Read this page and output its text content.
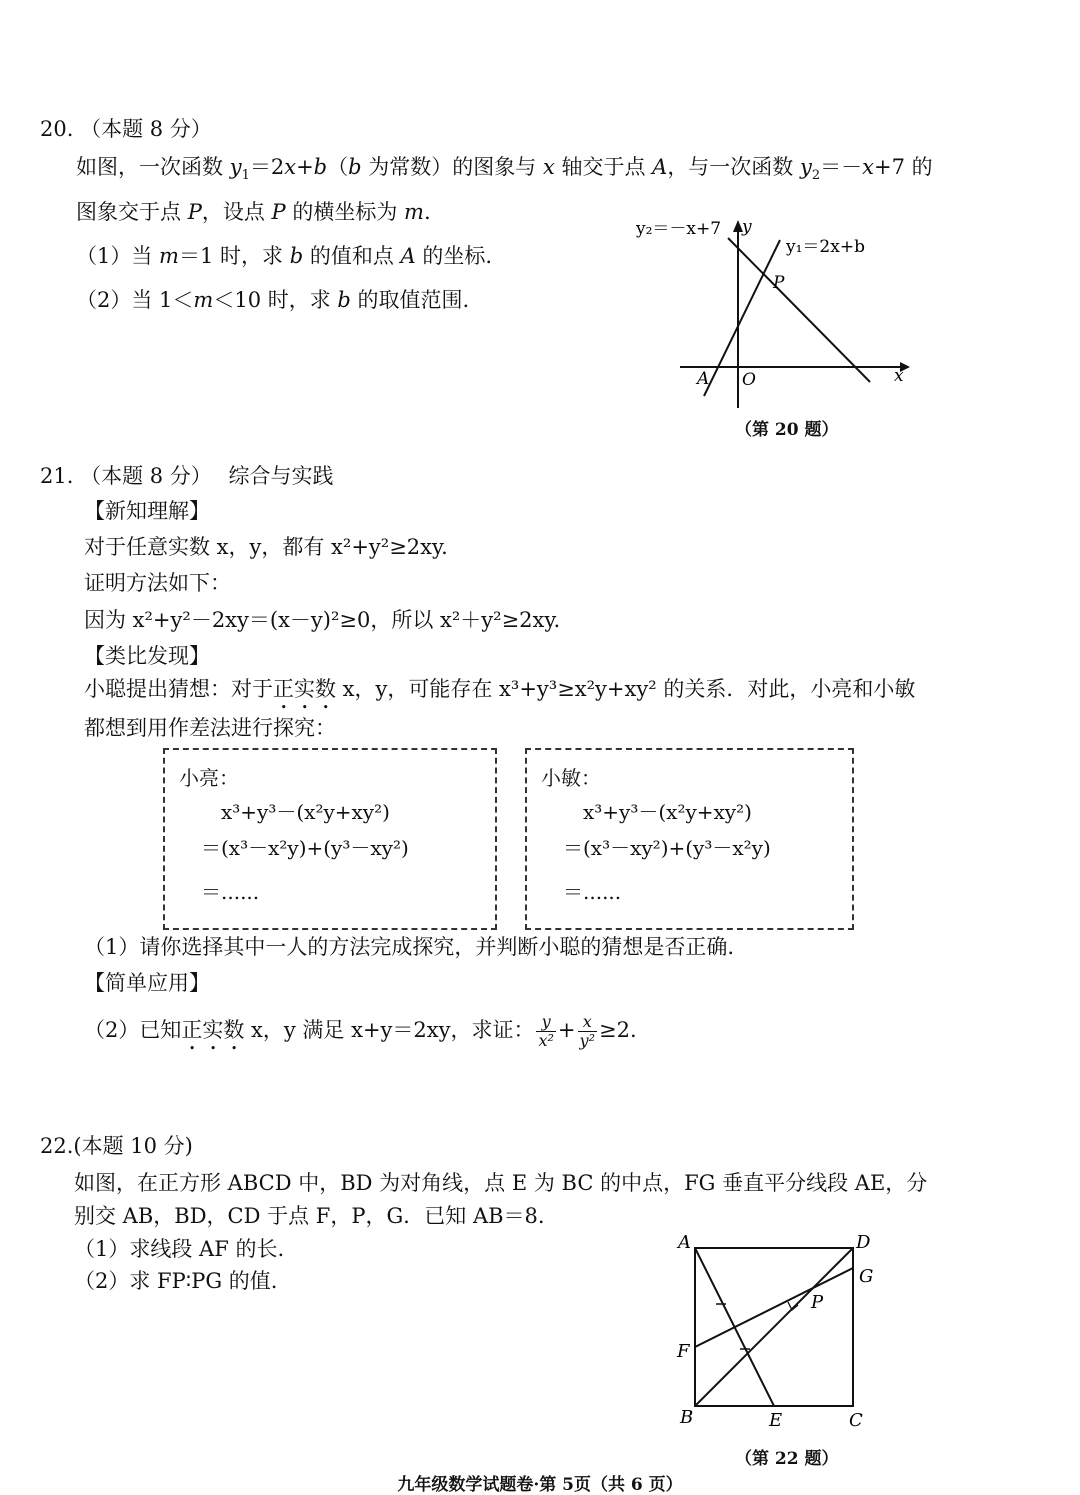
20. （本题 8 分）
如图，一次函数 $y_1=2x+b(b$ 为常数）的图象与 x 轴交于点 A，与一次函数 $y_2=-x+7$ 的
图象交于点 P，设点 P 的横坐标为 m.
（1）当 m＝1 时，求 b 的值和点 A 的坐标.
（2）当 1＜m＜10 时，求 b 的取值范围.
y₂＝－x+7 y
y₁＝2x+b
P
A O	x
（第 20 题）
21. （本题 8 分） 综合与实践
【新知理解】
对于任意实数 x，y，都有 x²+y²≥2xy.
证明方法如下：
因为 x²+y²－2xy＝(x－y)²≥0，所以 x²＋y²≥2xy.
【类比发现】
小聪提出猜想：对于正实数 x，y，可能存在 x³+y³≥x²y+xy² 的关系．对此，小亮和小敏
都想到用作差法进行探究：
小亮：
x³+y³－(x²y+xy²)
＝(x³－x²y)+(y³－xy²)
＝......
小敏：
x³+y³－(x²y+xy²)
＝(x³－xy²)+(y³－x²y)
＝......
（1）请你选择其中一人的方法完成探究，并判断小聪的猜想是否正确.
【简单应用】
（2）已知正实数 x，y 满足 x+y＝2xy，求证： $\frac{y}{\text{x²}} + \frac{x}{\text{y²}} \ge 2$.
22.(本题 10 分)
如图，在正方形 ABCD 中，BD 为对角线，点 E 为 BC 的中点，FG 垂直平分线段 AE，分
别交 AB，BD，CD 于点 F，P，G．已知 AB＝8.
（1）求线段 AF 的长.
（2）求 FP∶PG 的值.
A	D
G
P
F
B	E	C
（第 22 题）
九年级数学试题卷·第 5页（共 6 页）
